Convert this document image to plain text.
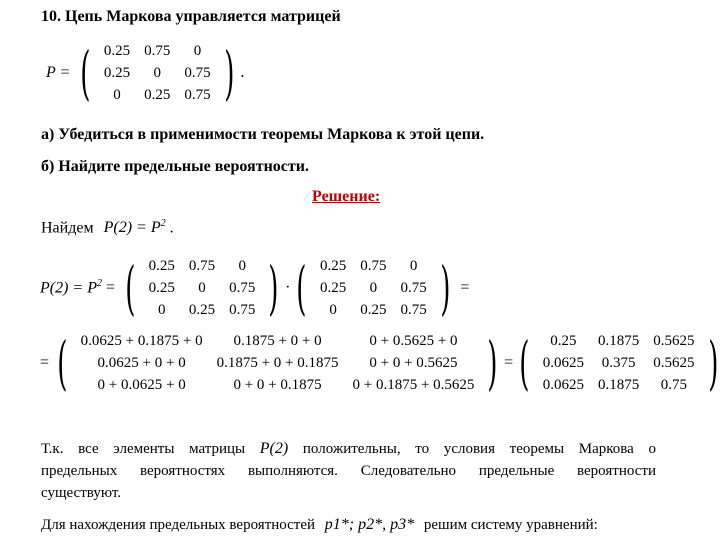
10. Цепь Маркова управляется матрицей
P = ( 0.25	0.75	0
0.25	0	0.75
0	0.25	0.75 ) .
а) Убедиться в применимости теоремы Маркова к этой цепи.
б) Найдите предельные вероятности.
Решение:
Найдем $P(2) = P^2$ .
$P(2) = P^2$ = ( 0.25	0.75	0
0.25	0	0.75
0	0.25	0.75 ) · ( 0.25	0.75	0
0.25	0	0.75
0	0.25	0.75 ) =
= ( 0.0625 + 0.1875 + 0	0.1875 + 0 + 0	0 + 0.5625 + 0
0.0625 + 0 + 0	0.1875 + 0 + 0.1875	0 + 0 + 0.5625
0 + 0.0625 + 0	0 + 0 + 0.1875	0 + 0.1875 + 0.5625 ) = ( 0.25	0.1875	0.5625
0.0625	0.375	0.5625
0.0625	0.1875	0.75 )
Т.к. все элементы матрицы P(2) положительны, то условия теоремы Маркова о
предельных вероятностях выполняются. Следовательно предельные вероятности
существуют.
Для нахождения предельных вероятностей p1*; p2*, p3* решим систему уравнений:
